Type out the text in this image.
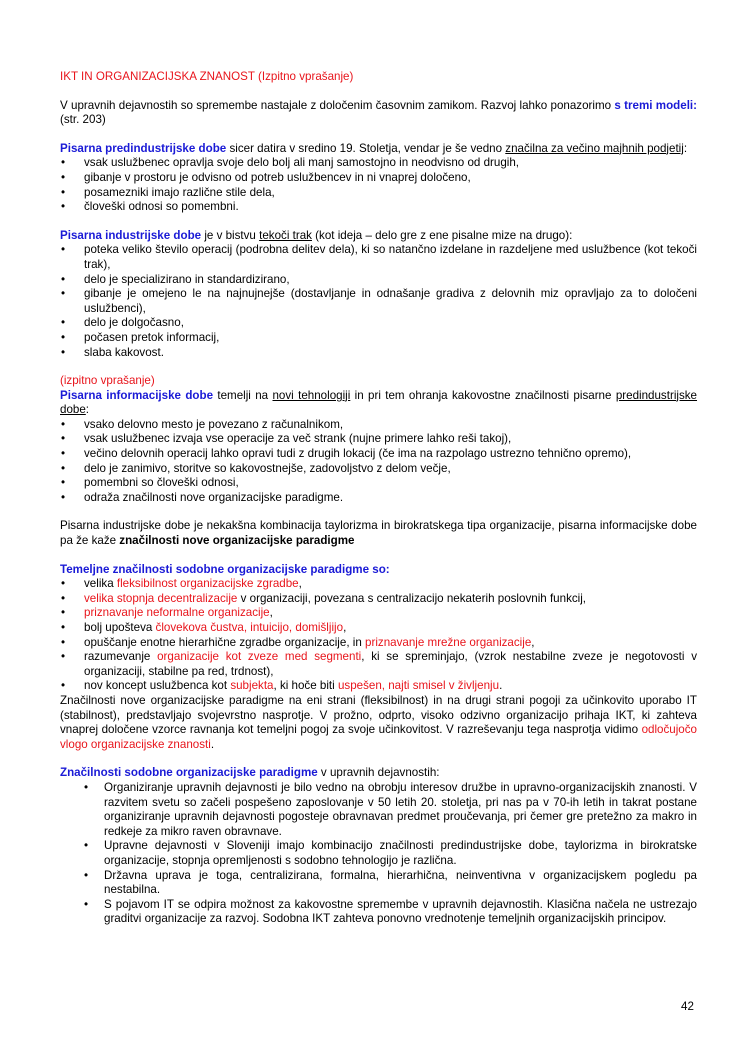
IKT IN ORGANIZACIJSKA ZNANOST (Izpitno vprašanje)

V upravnih dejavnostih so spremembe nastajale z določenim časovnim zamikom. Razvoj lahko ponazorimo s tremi modeli: (str. 203)

Pisarna predindustrijske dobe sicer datira v sredino 19. Stoletja, vendar je še vedno značilna za večino majhnih podjetij:

• vsak uslužbenec opravlja svoje delo bolj ali manj samostojno in neodvisno od drugih,
• gibanje v prostoru je odvisno od potreb uslužbencev in ni vnaprej določeno,
• posamezniki imajo različne stile dela,
• človeški odnosi so pomembni.

Pisarna industrijske dobe je v bistvu tekoči trak (kot ideja – delo gre z ene pisalne mize na drugo):

• poteka veliko število operacij (podrobna delitev dela), ki so natančno izdelane in razdeljene med uslužbence (kot tekoči trak),
• delo je specializirano in standardizirano,
• gibanje je omejeno le na najnujnejše (dostavljanje in odnašanje gradiva z delovnih miz opravljajo za to določeni uslužbenci),
• delo je dolgočasno,
• počasen pretok informacij,
• slaba kakovost.

(izpitno vprašanje)

Pisarna informacijske dobe temelji na novi tehnologiji in pri tem ohranja kakovostne značilnosti pisarne predindustrijske dobe:

• vsako delovno mesto je povezano z računalnikom,
• vsak uslužbenec izvaja vse operacije za več strank (nujne primere lahko reši takoj),
• večino delovnih operacij lahko opravi tudi z drugih lokacij (če ima na razpolago ustrezno tehnično opremo),
• delo je zanimivo, storitve so kakovostnejše, zadovoljstvo z delom večje,
• pomembni so človeški odnosi,
• odraža značilnosti nove organizacijske paradigme.

Pisarna industrijske dobe je nekakšna kombinacija taylorizma in birokratskega tipa organizacije, pisarna informacijske dobe pa že kaže značilnosti nove organizacijske paradigme

Temeljne značilnosti sodobne organizacijske paradigme so:

• velika fleksibilnost organizacijske zgradbe,
• velika stopnja decentralizacije v organizaciji, povezana s centralizacijo nekaterih poslovnih funkcij,
• priznavanje neformalne organizacije,
• bolj upošteva človekova čustva, intuicijo, domišljijo,
• opuščanje enotne hierarhične zgradbe organizacije, in priznavanje mrežne organizacije,
• razumevanje organizacije kot zveze med segmenti, ki se spreminjajo, (vzrok nestabilne zveze je negotovosti v organizaciji, stabilne pa red, trdnost),
• nov koncept uslužbenca kot subjekta, ki hoče biti uspešen, najti smisel v življenju.

Značilnosti nove organizacijske paradigme na eni strani (fleksibilnost) in na drugi strani pogoji za učinkovito uporabo IT (stabilnost), predstavljajo svojevrstno nasprotje. V prožno, odprto, visoko odzivno organizacijo prihaja IKT, ki zahteva vnaprej določene vzorce ravnanja kot temeljni pogoj za svoje učinkovitost. V razreševanju tega nasprotja vidimo odločujočo vlogo organizacijske znanosti.

Značilnosti sodobne organizacijske paradigme v upravnih dejavnostih:

• Organiziranje upravnih dejavnosti je bilo vedno na obrobju interesov družbe in upravno-organizacijskih znanosti. V razvitem svetu so začeli pospešeno zaposlovanje v 50 letih 20. stoletja, pri nas pa v 70-ih letih in takrat postane organiziranje upravnih dejavnosti pogosteje obravnavan predmet proučevanja, pri čemer gre pretežno za makro in redkeje za mikro raven obravnave.
• Upravne dejavnosti v Sloveniji imajo kombinacijo značilnosti predindustrijske dobe, taylorizma in birokratske organizacije, stopnja opremljenosti s sodobno tehnologijo je različna.
• Državna uprava je toga, centralizirana, formalna, hierarhična, neinventivna v organizacijskem pogledu pa nestabilna.
• S pojavom IT se odpira možnost za kakovostne spremembe v upravnih dejavnostih. Klasična načela ne ustrezajo graditvi organizacije za razvoj. Sodobna IKT zahteva ponovno vrednotenje temeljnih organizacijskih principov.
42
